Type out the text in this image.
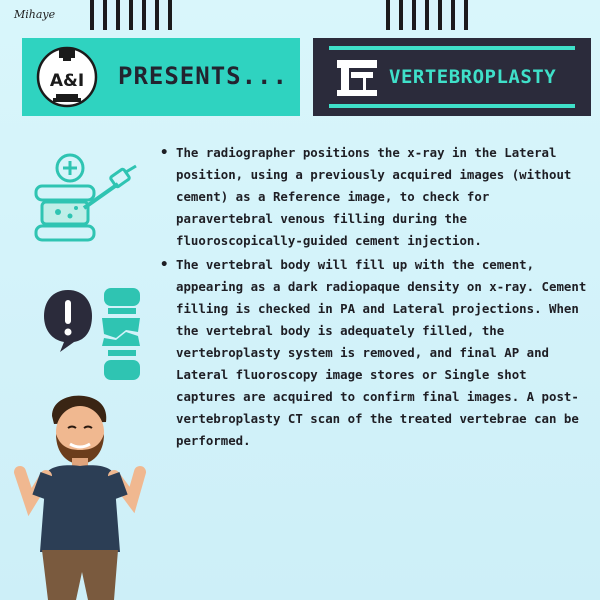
Mihaye
A&I PRESENTS...	VERTEBROPLASTY
• The radiographer positions the x-ray in the Lateral position, using a previously acquired images (without cement) as a Reference image, to check for paravertebral venous filling during the fluoroscopically-guided cement injection.
• The vertebral body will fill up with the cement, appearing as a dark radiopaque density on x-ray. Cement filling is checked in PA and Lateral projections. When the vertebral body is adequately filled, the vertebroplasty system is removed, and final AP and Lateral fluoroscopy image stores or Single shot captures are acquired to confirm final images. A post-vertebroplasty CT scan of the treated vertebrae can be performed.
